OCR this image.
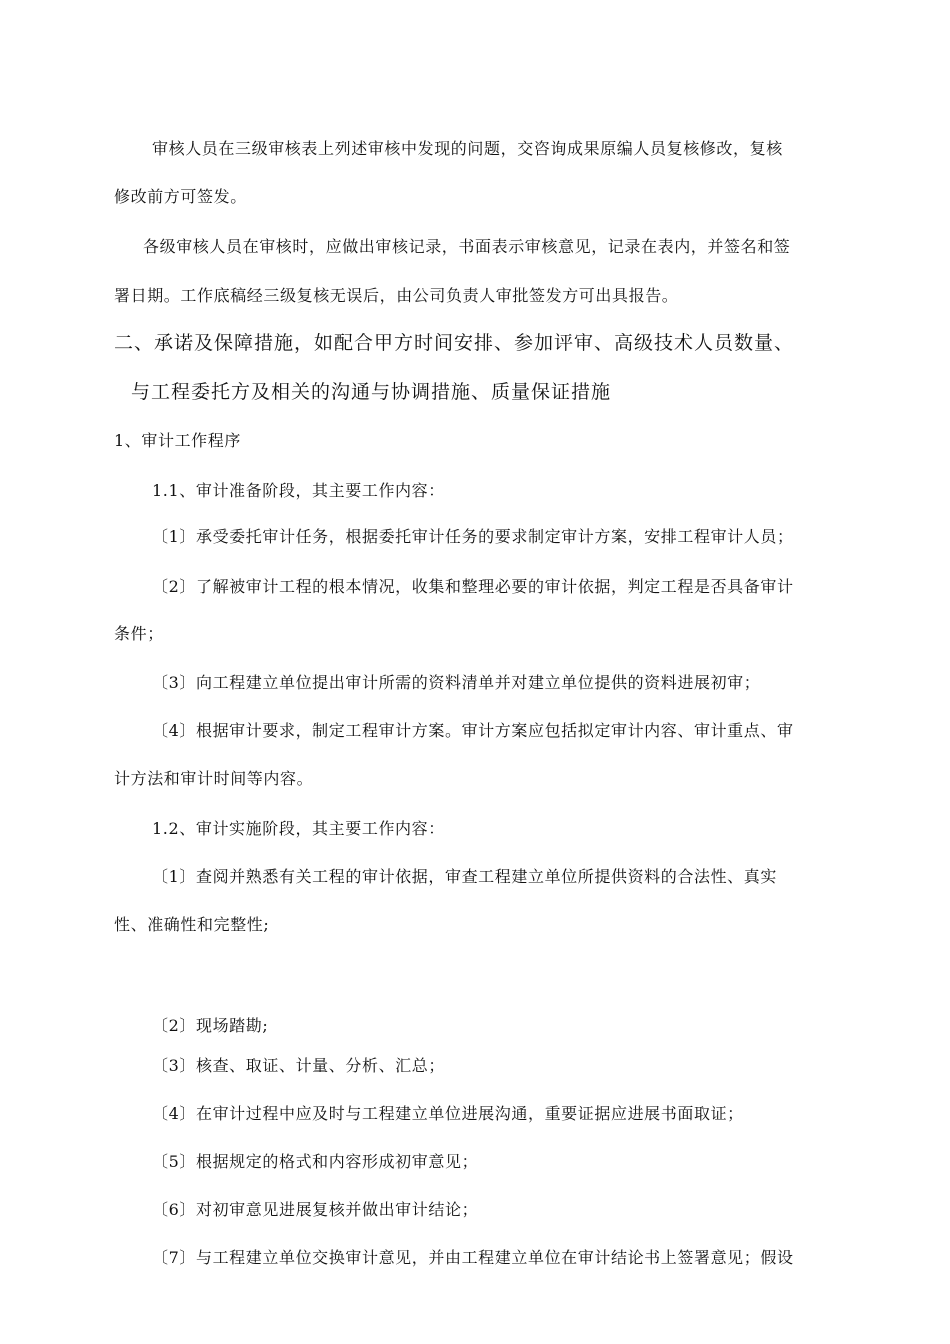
审核人员在三级审核表上列述审核中发现的问题，交咨询成果原编人员复核修改，复核
修改前方可签发。
各级审核人员在审核时，应做出审核记录，书面表示审核意见，记录在表内，并签名和签
署日期。工作底稿经三级复核无误后，由公司负责人审批签发方可出具报告。
二、承诺及保障措施，如配合甲方时间安排、参加评审、高级技术人员数量、
与工程委托方及相关的沟通与协调措施、质量保证措施
1、审计工作程序
1.1、审计准备阶段，其主要工作内容：
〔1〕承受委托审计任务，根据委托审计任务的要求制定审计方案，安排工程审计人员；
〔2〕了解被审计工程的根本情况，收集和整理必要的审计依据，判定工程是否具备审计
条件；
〔3〕向工程建立单位提出审计所需的资料清单并对建立单位提供的资料进展初审；
〔4〕根据审计要求，制定工程审计方案。审计方案应包括拟定审计内容、审计重点、审
计方法和审计时间等内容。
1.2、审计实施阶段，其主要工作内容：
〔1〕查阅并熟悉有关工程的审计依据，审查工程建立单位所提供资料的合法性、真实
性、准确性和完整性;
〔2〕现场踏勘;
〔3〕核查、取证、计量、分析、汇总；
〔4〕在审计过程中应及时与工程建立单位进展沟通，重要证据应进展书面取证；
〔5〕根据规定的格式和内容形成初审意见；
〔6〕对初审意见进展复核并做出审计结论；
〔7〕与工程建立单位交换审计意见，并由工程建立单位在审计结论书上签署意见；假设
